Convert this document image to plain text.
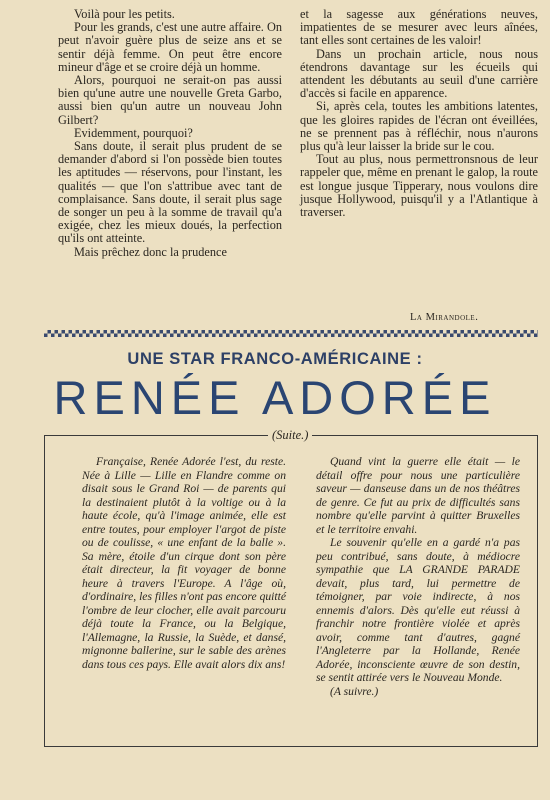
Voilà pour les petits.

Pour les grands, c'est une autre affaire. On peut n'avoir guère plus de seize ans et se sentir déjà femme. On peut être encore mineur d'âge et se croire déjà un homme.

Alors, pourquoi ne serait-on pas aussi bien qu'une autre une nouvelle Greta Garbo, aussi bien qu'un autre un nouveau John Gilbert?

Evidemment, pourquoi?

Sans doute, il serait plus prudent de se demander d'abord si l'on possède bien toutes les aptitudes — réservons, pour l'instant, les qualités — que l'on s'attribue avec tant de complaisance. Sans doute, il serait plus sage de songer un peu à la somme de travail qu'a exigée, chez les mieux doués, la perfection qu'ils ont atteinte.

Mais prêchez donc la prudence

et la sagesse aux générations neuves, impatientes de se mesurer avec leurs aînées, tant elles sont certaines de les valoir!

Dans un prochain article, nous nous étendrons davantage sur les écueils qui attendent les débutants au seuil d'une carrière d'accès si facile en apparence.

Si, après cela, toutes les ambitions latentes, que les gloires rapides de l'écran ont éveillées, ne se prennent pas à réfléchir, nous n'aurons plus qu'à leur laisser la bride sur le cou.

Tout au plus, nous permettronsnous de leur rappeler que, même en prenant le galop, la route est longue jusque Tipperary, nous voulons dire jusque Hollywood, puisqu'il y a l'Atlantique à traverser.

La Mirandole.
UNE STAR FRANCO-AMÉRICAINE :
RENÉE ADORÉE
(Suite.)

Française, Renée Adorée l'est, du reste. Née à Lille — Lille en Flandre comme on disait sous le Grand Roi — de parents qui la destinaient plutôt à la voltige ou à la haute école, qu'à l'image animée, elle est entre toutes, pour employer l'argot de piste ou de coulisse, « une enfant de la balle ». Sa mère, étoile d'un cirque dont son père était directeur, la fit voyager de bonne heure à travers l'Europe. A l'âge où, d'ordinaire, les filles n'ont pas encore quitté l'ombre de leur clocher, elle avait parcouru déjà toute la France, ou la Belgique, l'Allemagne, la Russie, la Suède, et dansé, mignonne ballerine, sur le sable des arènes dans tous ces pays. Elle avait alors dix ans!

Quand vint la guerre elle était — le détail offre pour nous une particulière saveur — danseuse dans un de nos théâtres de genre. Ce fut au prix de difficultés sans nombre qu'elle parvint à quitter Bruxelles et le territoire envahi.

Le souvenir qu'elle en a gardé n'a pas peu contribué, sans doute, à médiocre sympathie que LA GRANDE PARADE devait, plus tard, lui permettre de témoigner, par voie indirecte, à nos ennemis d'alors. Dès qu'elle eut réussi à franchir notre frontière violée et après avoir, comme tant d'autres, gagné l'Angleterre par la Hollande, Renée Adorée, inconsciente œuvre de son destin, se sentit attirée vers le Nouveau Monde.

(A suivre.)
